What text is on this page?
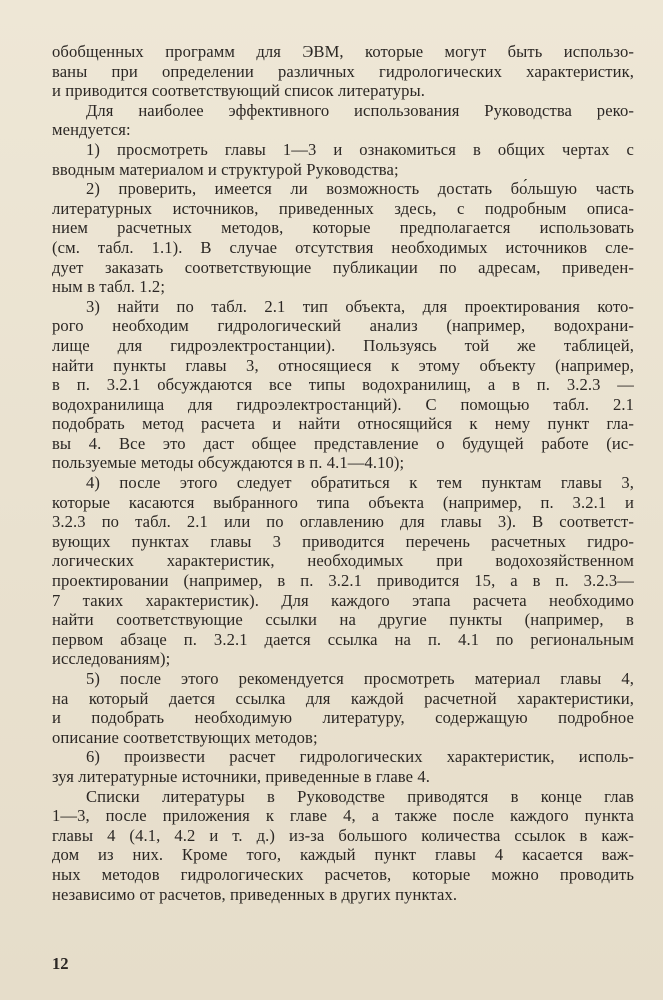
обобщенных программ для ЭВМ, которые могут быть использо-
ваны при определении различных гидрологических характеристик,
и приводится соответствующий список литературы.
Для наиболее эффективного использования Руководства реко-
мендуется:
1) просмотреть главы 1—3 и ознакомиться в общих чертах с
вводным материалом и структурой Руководства;
2) проверить, имеется ли возможность достать бо́льшую часть
литературных источников, приведенных здесь, с подробным описа-
нием расчетных методов, которые предполагается использовать
(см. табл. 1.1). В случае отсутствия необходимых источников сле-
дует заказать соответствующие публикации по адресам, приведен-
ным в табл. 1.2;
3) найти по табл. 2.1 тип объекта, для проектирования кото-
рого необходим гидрологический анализ (например, водохрани-
лище для гидроэлектростанции). Пользуясь той же таблицей,
найти пункты главы 3, относящиеся к этому объекту (например,
в п. 3.2.1 обсуждаются все типы водохранилищ, а в п. 3.2.3 —
водохранилища для гидроэлектростанций). С помощью табл. 2.1
подобрать метод расчета и найти относящийся к нему пункт гла-
вы 4. Все это даст общее представление о будущей работе (ис-
пользуемые методы обсуждаются в п. 4.1—4.10);
4) после этого следует обратиться к тем пунктам главы 3,
которые касаются выбранного типа объекта (например, п. 3.2.1 и
3.2.3 по табл. 2.1 или по оглавлению для главы 3). В соответст-
вующих пунктах главы 3 приводится перечень расчетных гидро-
логических характеристик, необходимых при водохозяйственном
проектировании (например, в п. 3.2.1 приводится 15, а в п. 3.2.3—
7 таких характеристик). Для каждого этапа расчета необходимо
найти соответствующие ссылки на другие пункты (например, в
первом абзаце п. 3.2.1 дается ссылка на п. 4.1 по региональным
исследованиям);
5) после этого рекомендуется просмотреть материал главы 4,
на который дается ссылка для каждой расчетной характеристики,
и подобрать необходимую литературу, содержащую подробное
описание соответствующих методов;
6) произвести расчет гидрологических характеристик, исполь-
зуя литературные источники, приведенные в главе 4.
Списки литературы в Руководстве приводятся в конце глав
1—3, после приложения к главе 4, а также после каждого пункта
главы 4 (4.1, 4.2 и т. д.) из-за большого количества ссылок в каж-
дом из них. Кроме того, каждый пункт главы 4 касается важ-
ных методов гидрологических расчетов, которые можно проводить
независимо от расчетов, приведенных в других пунктах.
12
